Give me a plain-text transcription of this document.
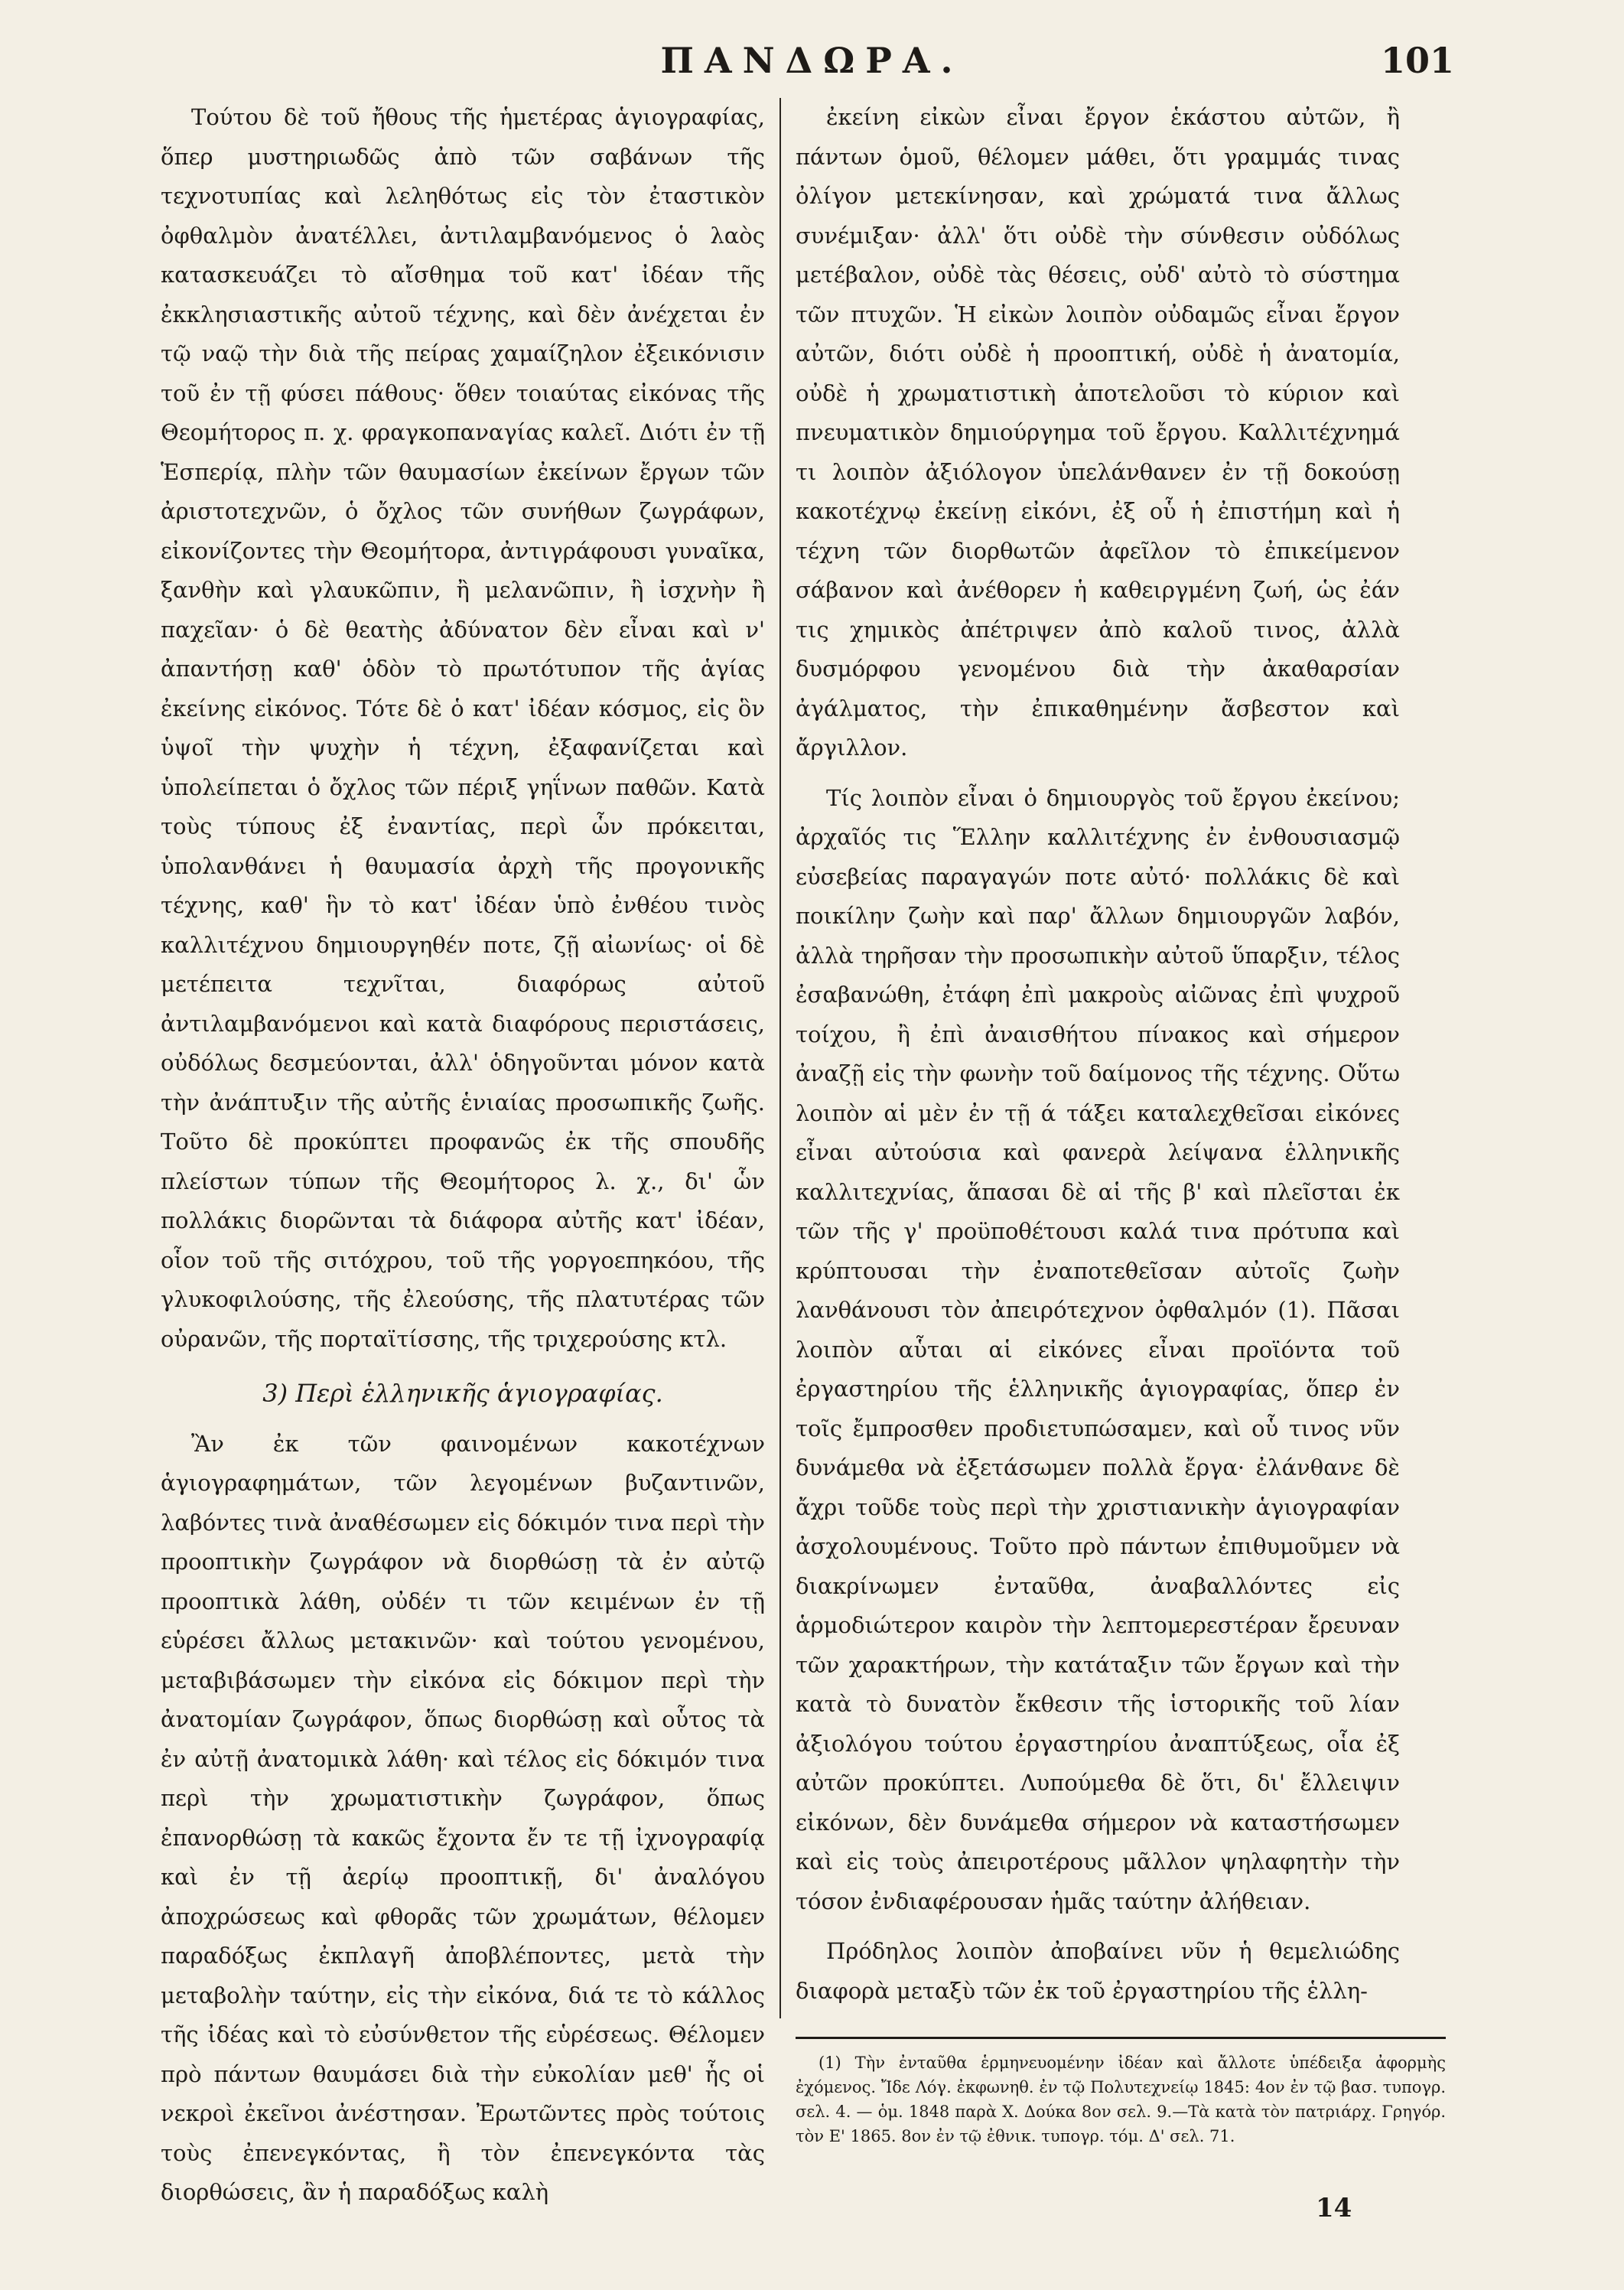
ΠΑΝΔΩΡΑ.	101

Τούτου δὲ τοῦ ἤθους τῆς ἡμετέρας ἁγιογραφίας, ὅπερ μυστηριωδῶς ἀπὸ τῶν σαβάνων τῆς τεχνοτυπίας καὶ λεληθότως εἰς τὸν ἐταστικὸν ὀφθαλμὸν ἀνατέλλει, ἀντιλαμβανόμενος ὁ λαὸς κατασκευάζει τὸ αἴσθημα τοῦ κατ' ἰδέαν τῆς ἐκκλησιαστικῆς αὐτοῦ τέχνης, καὶ δὲν ἀνέχεται ἐν τῷ ναῷ τὴν διὰ τῆς πείρας χαμαίζηλον ἐξεικόνισιν τοῦ ἐν τῇ φύσει πάθους· ὅθεν τοιαύτας εἰκόνας τῆς Θεομήτορος π. χ. φραγκοπαναγίας καλεῖ. Διότι ἐν τῇ Ἑσπερίᾳ, πλὴν τῶν θαυμασίων ἐκείνων ἔργων τῶν ἀριστοτεχνῶν, ὁ ὄχλος τῶν συνήθων ζωγράφων, εἰκονίζοντες τὴν Θεομήτορα, ἀντιγράφουσι γυναῖκα, ξανθὴν καὶ γλαυκῶπιν, ἢ μελανῶπιν, ἢ ἰσχνὴν ἢ παχεῖαν· ὁ δὲ θεατὴς ἀδύνατον δὲν εἶναι καὶ ν' ἀπαντήσῃ καθ' ὁδὸν τὸ πρωτότυπον τῆς ἁγίας ἐκείνης εἰκόνος. Τότε δὲ ὁ κατ' ἰδέαν κόσμος, εἰς ὃν ὑψοῖ τὴν ψυχὴν ἡ τέχνη, ἐξαφανίζεται καὶ ὑπολείπεται ὁ ὄχλος τῶν πέριξ γηΐνων παθῶν. Κατὰ τοὺς τύπους ἐξ ἐναντίας, περὶ ὧν πρόκειται, ὑπολανθάνει ἡ θαυμασία ἀρχὴ τῆς προγονικῆς τέχνης, καθ' ἣν τὸ κατ' ἰδέαν ὑπὸ ἐνθέου τινὸς καλλιτέχνου δημιουργηθέν ποτε, ζῇ αἰωνίως· οἱ δὲ μετέπειτα τεχνῖται, διαφόρως αὐτοῦ ἀντιλαμβανόμενοι καὶ κατὰ διαφόρους περιστάσεις, οὐδόλως δεσμεύονται, ἀλλ' ὁδηγοῦνται μόνον κατὰ τὴν ἀνάπτυξιν τῆς αὐτῆς ἑνιαίας προσωπικῆς ζωῆς. Τοῦτο δὲ προκύπτει προφανῶς ἐκ τῆς σπουδῆς πλείστων τύπων τῆς Θεομήτορος λ. χ., δι' ὧν πολλάκις διορῶνται τὰ διάφορα αὐτῆς κατ' ἰδέαν, οἷον τοῦ τῆς σιτόχρου, τοῦ τῆς γοργοεπηκόου, τῆς γλυκοφιλούσης, τῆς ἐλεούσης, τῆς πλατυτέρας τῶν οὐρανῶν, τῆς πορταϊτίσσης, τῆς τριχερούσης κτλ.

3) Περὶ ἑλληνικῆς ἁγιογραφίας.

Ἂν ἐκ τῶν φαινομένων κακοτέχνων ἁγιογραφημάτων, τῶν λεγομένων βυζαντινῶν, λαβόντες τινὰ ἀναθέσωμεν εἰς δόκιμόν τινα περὶ τὴν προοπτικὴν ζωγράφον νὰ διορθώσῃ τὰ ἐν αὐτῷ προοπτικὰ λάθη, οὐδέν τι τῶν κειμένων ἐν τῇ εὑρέσει ἄλλως μετακινῶν· καὶ τούτου γενομένου, μεταβιβάσωμεν τὴν εἰκόνα εἰς δόκιμον περὶ τὴν ἀνατομίαν ζωγράφον, ὅπως διορθώσῃ καὶ οὗτος τὰ ἐν αὐτῇ ἀνατομικὰ λάθη· καὶ τέλος εἰς δόκιμόν τινα περὶ τὴν χρωματιστικὴν ζωγράφον, ὅπως ἐπανορθώσῃ τὰ κακῶς ἔχοντα ἔν τε τῇ ἰχνογραφίᾳ καὶ ἐν τῇ ἀερίῳ προοπτικῇ, δι' ἀναλόγου ἀποχρώσεως καὶ φθορᾶς τῶν χρωμάτων, θέλομεν παραδόξως ἐκπλαγῆ ἀποβλέποντες, μετὰ τὴν μεταβολὴν ταύτην, εἰς τὴν εἰκόνα, διά τε τὸ κάλλος τῆς ἰδέας καὶ τὸ εὐσύνθετον τῆς εὑρέσεως. Θέλομεν πρὸ πάντων θαυμάσει διὰ τὴν εὐκολίαν μεθ' ἧς οἱ νεκροὶ ἐκεῖνοι ἀνέστησαν. Ἐρωτῶντες πρὸς τούτοις τοὺς ἐπενεγκόντας, ἢ τὸν ἐπενεγκόντα τὰς διορθώσεις, ἂν ἡ παραδόξως καλὴ

ἐκείνη εἰκὼν εἶναι ἔργον ἑκάστου αὐτῶν, ἢ πάντων ὁμοῦ, θέλομεν μάθει, ὅτι γραμμάς τινας ὀλίγον μετεκίνησαν, καὶ χρώματά τινα ἄλλως συνέμιξαν· ἀλλ' ὅτι οὐδὲ τὴν σύνθεσιν οὐδόλως μετέβαλον, οὐδὲ τὰς θέσεις, οὐδ' αὐτὸ τὸ σύστημα τῶν πτυχῶν. Ἡ εἰκὼν λοιπὸν οὐδαμῶς εἶναι ἔργον αὐτῶν, διότι οὐδὲ ἡ προοπτική, οὐδὲ ἡ ἀνατομία, οὐδὲ ἡ χρωματιστικὴ ἀποτελοῦσι τὸ κύριον καὶ πνευματικὸν δημιούργημα τοῦ ἔργου. Καλλιτέχνημά τι λοιπὸν ἀξιόλογον ὑπελάνθανεν ἐν τῇ δοκούσῃ κακοτέχνῳ ἐκείνῃ εἰκόνι, ἐξ οὗ ἡ ἐπιστήμη καὶ ἡ τέχνη τῶν διορθωτῶν ἀφεῖλον τὸ ἐπικείμενον σάβανον καὶ ἀνέθορεν ἡ καθειργμένη ζωή, ὡς ἐάν τις χημικὸς ἀπέτριψεν ἀπὸ καλοῦ τινος, ἀλλὰ δυσμόρφου γενομένου διὰ τὴν ἀκαθαρσίαν ἀγάλματος, τὴν ἐπικαθημένην ἄσβεστον καὶ ἄργιλλον.

Τίς λοιπὸν εἶναι ὁ δημιουργὸς τοῦ ἔργου ἐκείνου; ἀρχαῖός τις Ἕλλην καλλιτέχνης ἐν ἐνθουσιασμῷ εὐσεβείας παραγαγών ποτε αὐτό· πολλάκις δὲ καὶ ποικίλην ζωὴν καὶ παρ' ἄλλων δημιουργῶν λαβόν, ἀλλὰ τηρῆσαν τὴν προσωπικὴν αὐτοῦ ὕπαρξιν, τέλος ἐσαβανώθη, ἐτάφη ἐπὶ μακροὺς αἰῶνας ἐπὶ ψυχροῦ τοίχου, ἢ ἐπὶ ἀναισθήτου πίνακος καὶ σήμερον ἀναζῇ εἰς τὴν φωνὴν τοῦ δαίμονος τῆς τέχνης. Οὕτω λοιπὸν αἱ μὲν ἐν τῇ ά τάξει καταλεχθεῖσαι εἰκόνες εἶναι αὐτούσια καὶ φανερὰ λείψανα ἑλληνικῆς καλλιτεχνίας, ἅπασαι δὲ αἱ τῆς β' καὶ πλεῖσται ἐκ τῶν τῆς γ' προϋποθέτουσι καλά τινα πρότυπα καὶ κρύπτουσαι τὴν ἐναποτεθεῖσαν αὐτοῖς ζωὴν λανθάνουσι τὸν ἀπειρότεχνον ὀφθαλμόν (1). Πᾶσαι λοιπὸν αὗται αἱ εἰκόνες εἶναι προϊόντα τοῦ ἐργαστηρίου τῆς ἑλληνικῆς ἁγιογραφίας, ὅπερ ἐν τοῖς ἔμπροσθεν προδιετυπώσαμεν, καὶ οὗ τινος νῦν δυνάμεθα νὰ ἐξετάσωμεν πολλὰ ἔργα· ἐλάνθανε δὲ ἄχρι τοῦδε τοὺς περὶ τὴν χριστιανικὴν ἁγιογραφίαν ἀσχολουμένους. Τοῦτο πρὸ πάντων ἐπιθυμοῦμεν νὰ διακρίνωμεν ἐνταῦθα, ἀναβαλλόντες εἰς ἁρμοδιώτερον καιρὸν τὴν λεπτομερεστέραν ἔρευναν τῶν χαρακτήρων, τὴν κατάταξιν τῶν ἔργων καὶ τὴν κατὰ τὸ δυνατὸν ἔκθεσιν τῆς ἱστορικῆς τοῦ λίαν ἀξιολόγου τούτου ἐργαστηρίου ἀναπτύξεως, οἷα ἐξ αὐτῶν προκύπτει. Λυπούμεθα δὲ ὅτι, δι' ἔλλειψιν εἰκόνων, δὲν δυνάμεθα σήμερον νὰ καταστήσωμεν καὶ εἰς τοὺς ἀπειροτέρους μᾶλλον ψηλαφητὴν τὴν τόσον ἐνδιαφέρουσαν ἡμᾶς ταύτην ἀλήθειαν.

Πρόδηλος λοιπὸν ἀποβαίνει νῦν ἡ θεμελιώδης διαφορὰ μεταξὺ τῶν ἐκ τοῦ ἐργαστηρίου τῆς ἑλλη-

(1) Τὴν ἐνταῦθα ἑρμηνευομένην ἰδέαν καὶ ἄλλοτε ὑπέδειξα ἀφορμὴς ἐχόμενος. Ἴδε Λόγ. ἐκφωνηθ. ἐν τῷ Πολυτεχνείῳ 1845: 4ον ἐν τῷ βασ. τυπογρ. σελ. 4. — ὁμ. 1848 παρὰ Χ. Δούκα 8ον σελ. 9.—Τὰ κατὰ τὸν πατριάρχ. Γρηγόρ. τὸν Ε' 1865. 8ον ἐν τῷ ἐθνικ. τυπογρ. τόμ. Δ' σελ. 71.
14
